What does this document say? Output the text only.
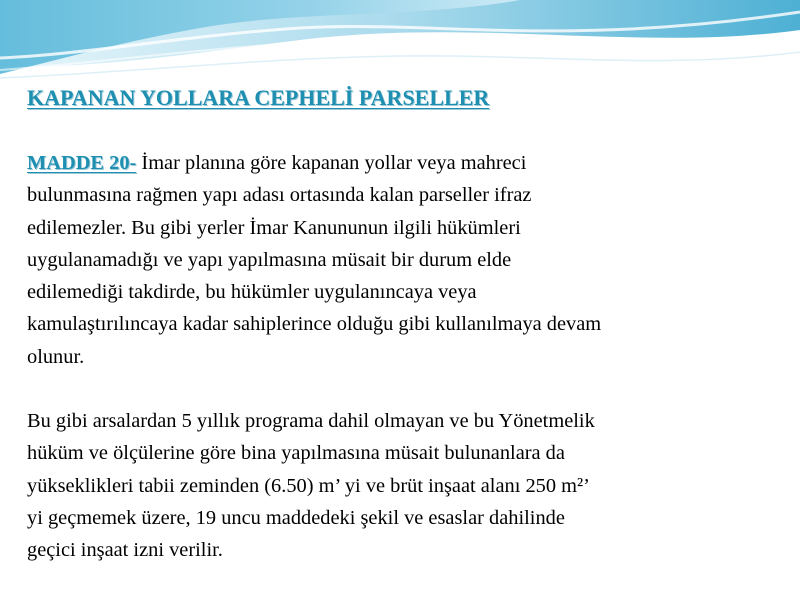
KAPANAN YOLLARA CEPHELİ PARSELLER

MADDE 20- İmar planına göre kapanan yollar veya mahreci
bulunmasına rağmen yapı adası ortasında kalan parseller ifraz
edilemezler. Bu gibi yerler İmar Kanununun ilgili hükümleri
uygulanamadığı ve yapı yapılmasına müsait bir durum elde
edilemediği takdirde, bu hükümler uygulanıncaya veya
kamulaştırılıncaya kadar sahiplerince olduğu gibi kullanılmaya devam
olunur.

Bu gibi arsalardan 5 yıllık programa dahil olmayan ve bu Yönetmelik
hüküm ve ölçülerine göre bina yapılmasına müsait bulunanlara da
yükseklikleri tabii zeminden (6.50) m’ yi ve brüt inşaat alanı 250 m²’
yi geçmemek üzere, 19 uncu maddedeki şekil ve esaslar dahilinde
geçici inşaat izni verilir.
